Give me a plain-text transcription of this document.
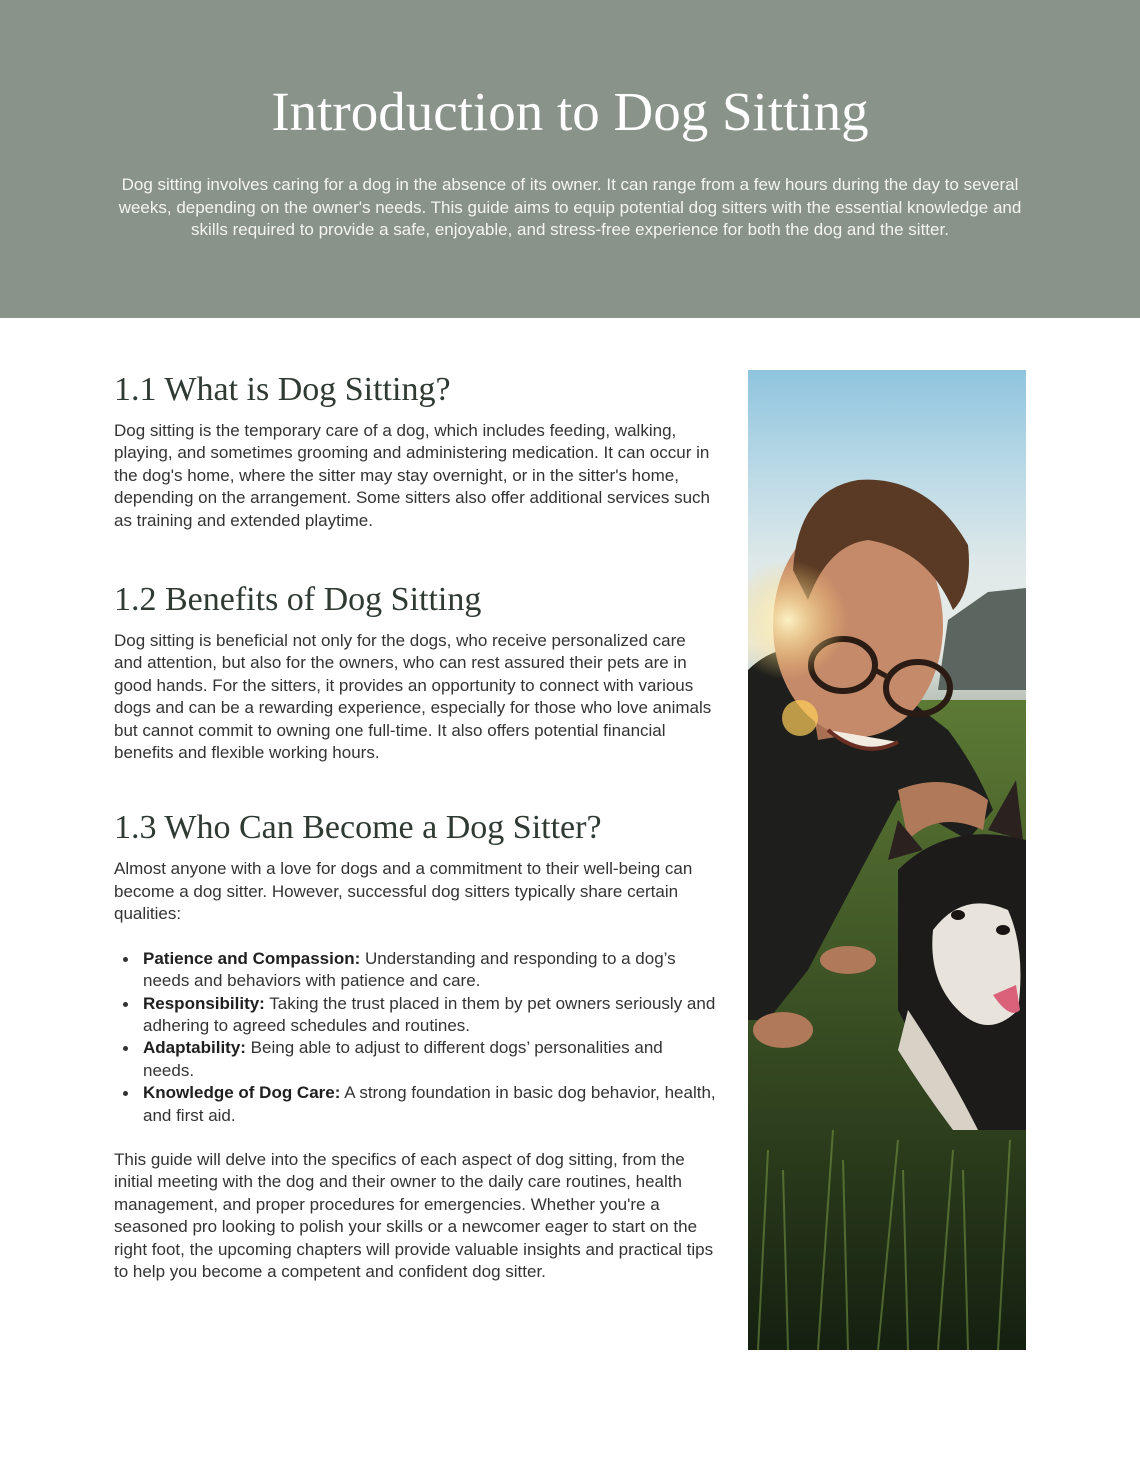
Introduction to Dog Sitting

Dog sitting involves caring for a dog in the absence of its owner. It can range from a few hours during the day to several weeks, depending on the owner's needs. This guide aims to equip potential dog sitters with the essential knowledge and skills required to provide a safe, enjoyable, and stress-free experience for both the dog and the sitter.

1.1 What is Dog Sitting?

Dog sitting is the temporary care of a dog, which includes feeding, walking, playing, and sometimes grooming and administering medication. It can occur in the dog's home, where the sitter may stay overnight, or in the sitter's home, depending on the arrangement. Some sitters also offer additional services such as training and extended playtime.

1.2 Benefits of Dog Sitting

Dog sitting is beneficial not only for the dogs, who receive personalized care and attention, but also for the owners, who can rest assured their pets are in good hands. For the sitters, it provides an opportunity to connect with various dogs and can be a rewarding experience, especially for those who love animals but cannot commit to owning one full-time. It also offers potential financial benefits and flexible working hours.

1.3 Who Can Become a Dog Sitter?

Almost anyone with a love for dogs and a commitment to their well-being can become a dog sitter. However, successful dog sitters typically share certain qualities:

Patience and Compassion: Understanding and responding to a dog’s needs and behaviors with patience and care.
Responsibility: Taking the trust placed in them by pet owners seriously and adhering to agreed schedules and routines.
Adaptability: Being able to adjust to different dogs’ personalities and needs.
Knowledge of Dog Care: A strong foundation in basic dog behavior, health, and first aid.

This guide will delve into the specifics of each aspect of dog sitting, from the initial meeting with the dog and their owner to the daily care routines, health management, and proper procedures for emergencies. Whether you're a seasoned pro looking to polish your skills or a newcomer eager to start on the right foot, the upcoming chapters will provide valuable insights and practical tips to help you become a competent and confident dog sitter.
